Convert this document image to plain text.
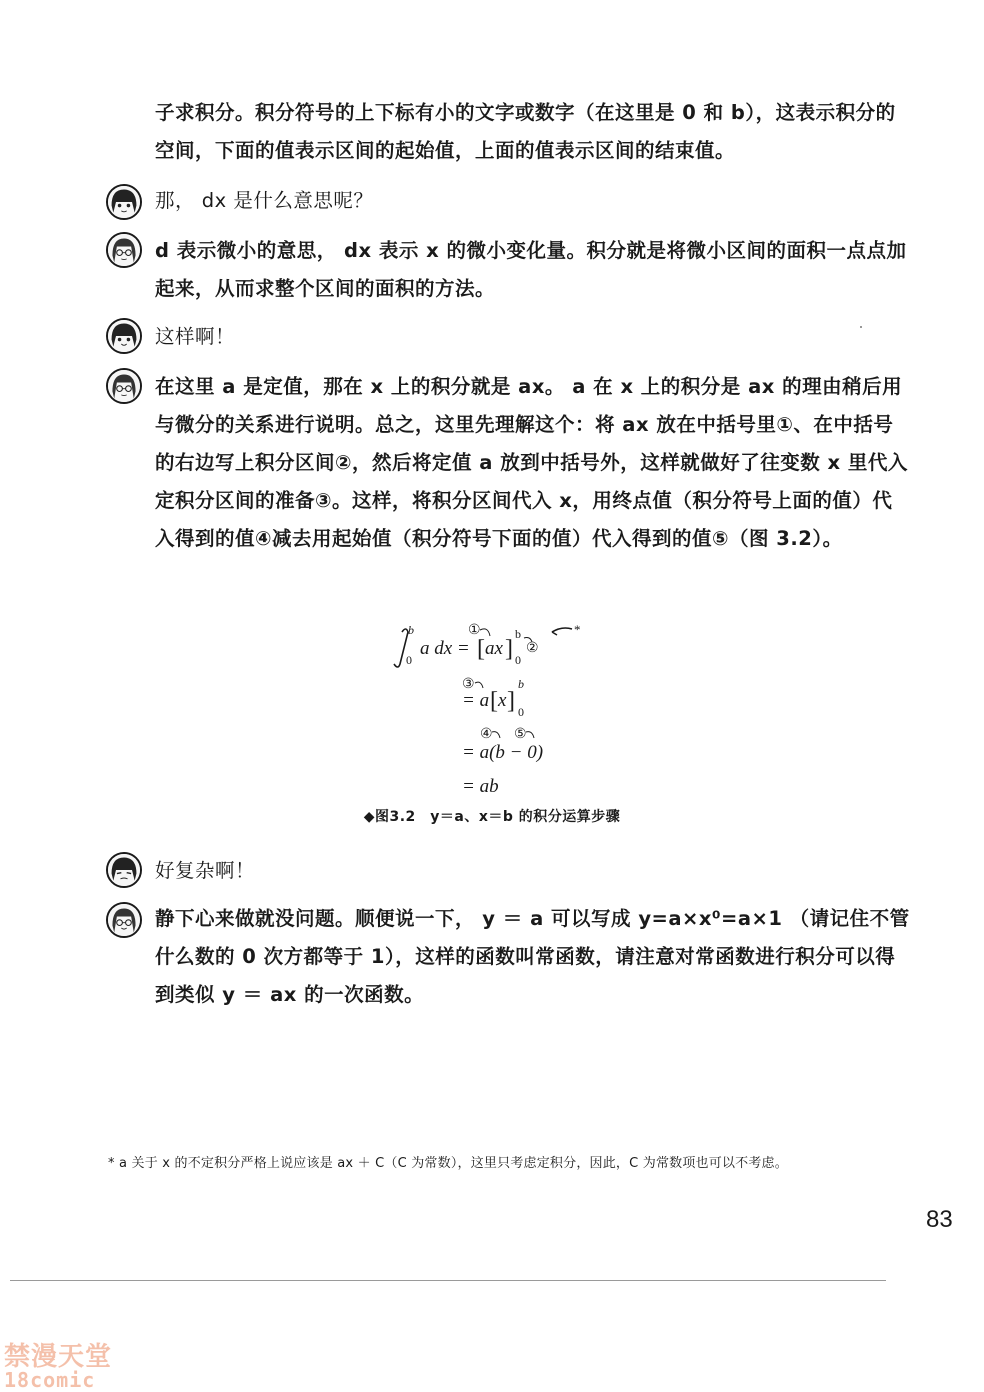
子求积分。积分符号的上下标有小的文字或数字（在这里是 0 和 b），这表示积分的空间，下面的值表示区间的起始值，上面的值表示区间的结束值。

那， dx 是什么意思呢？

d 表示微小的意思， dx 表示 x 的微小变化量。积分就是将微小区间的面积一点点加起来，从而求整个区间的面积的方法。

这样啊！

在这里 a 是定值，那在 x 上的积分就是 ax。 a 在 x 上的积分是 ax 的理由稍后用与微分的关系进行说明。总之，这里先理解这个：将 ax 放在中括号里①、在中括号的右边写上积分区间②，然后将定值 a 放到中括号外，这样就做好了往变数 x 里代入定积分区间的准备③。这样，将积分区间代入 x，用终点值（积分符号上面的值）代入得到的值④减去用起始值（积分符号下面的值）代入得到的值⑤（图 3.2）。

b
0
a dx =
①
[ ax ]
b
0
②
*
③
= a [ x ]
b
0
④ ⑤
= a(b − 0)
= ab
◆图3.2　y＝a、x＝b 的积分运算步骤

好复杂啊！

静下心来做就没问题。顺便说一下， y ＝ a 可以写成 y=a×x⁰=a×1 （请记住不管什么数的 0 次方都等于 1），这样的函数叫常函数，请注意对常函数进行积分可以得到类似 y ＝ ax 的一次函数。

* a 关于 x 的不定积分严格上说应该是 ax ＋ C（C 为常数），这里只考虑定积分，因此，C 为常数项也可以不考虑。
83
禁漫天堂
18comic
